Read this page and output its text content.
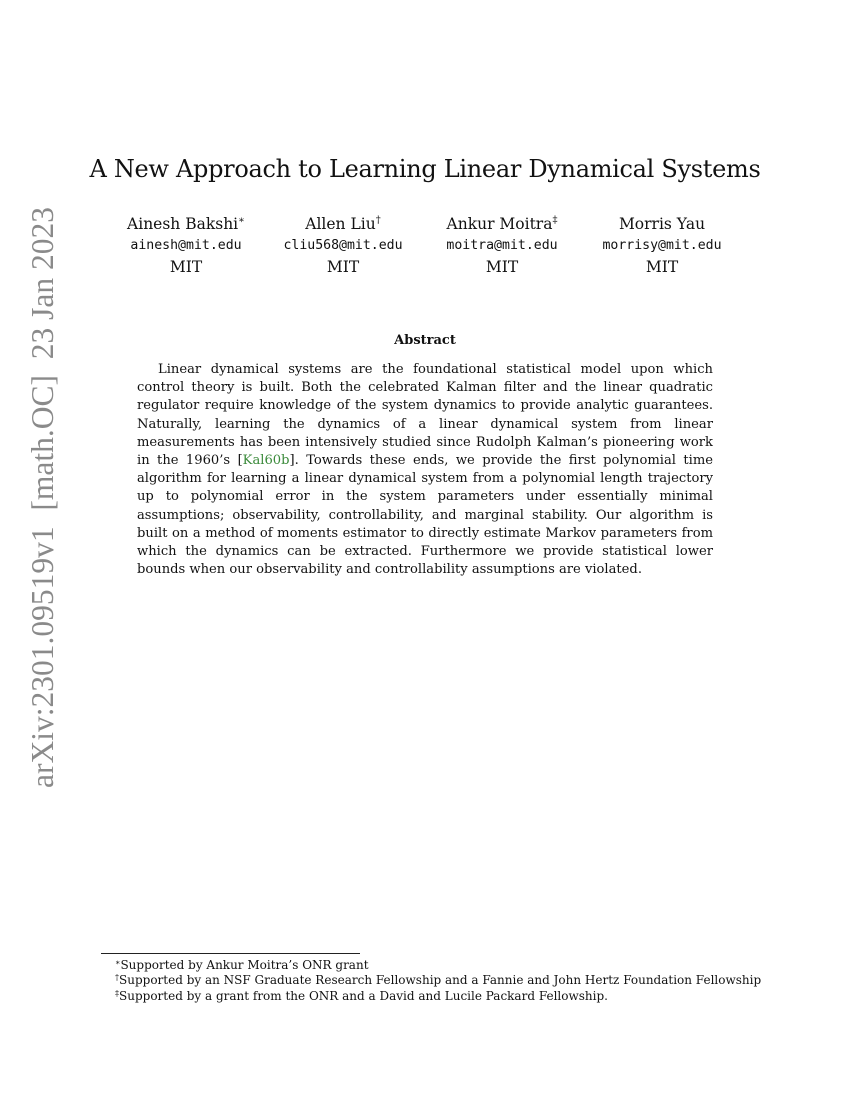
arXiv:2301.09519v1  [math.OC]  23 Jan 2023
A New Approach to Learning Linear Dynamical Systems
Ainesh Bakshi∗
ainesh@mit.edu
MIT
Allen Liu†
cliu568@mit.edu
MIT
Ankur Moitra‡
moitra@mit.edu
MIT
Morris Yau
morrisy@mit.edu
MIT
Abstract

Linear dynamical systems are the foundational statistical model upon which control theory is built. Both the celebrated Kalman filter and the linear quadratic regulator require knowledge of the system dynamics to provide analytic guarantees. Naturally, learning the dynamics of a linear dynamical system from linear measurements has been intensively studied since Rudolph Kalman’s pioneering work in the 1960’s [Kal60b]. Towards these ends, we provide the first polynomial time algorithm for learning a linear dynamical system from a polynomial length trajectory up to polynomial error in the system parameters under essentially minimal assumptions; observability, controllability, and marginal stability. Our algorithm is built on a method of moments estimator to directly estimate Markov parameters from which the dynamics can be extracted. Furthermore we provide statistical lower bounds when our observability and controllability assumptions are violated.

∗Supported by Ankur Moitra’s ONR grant
†Supported by an NSF Graduate Research Fellowship and a Fannie and John Hertz Foundation Fellowship
‡Supported by a grant from the ONR and a David and Lucile Packard Fellowship.
